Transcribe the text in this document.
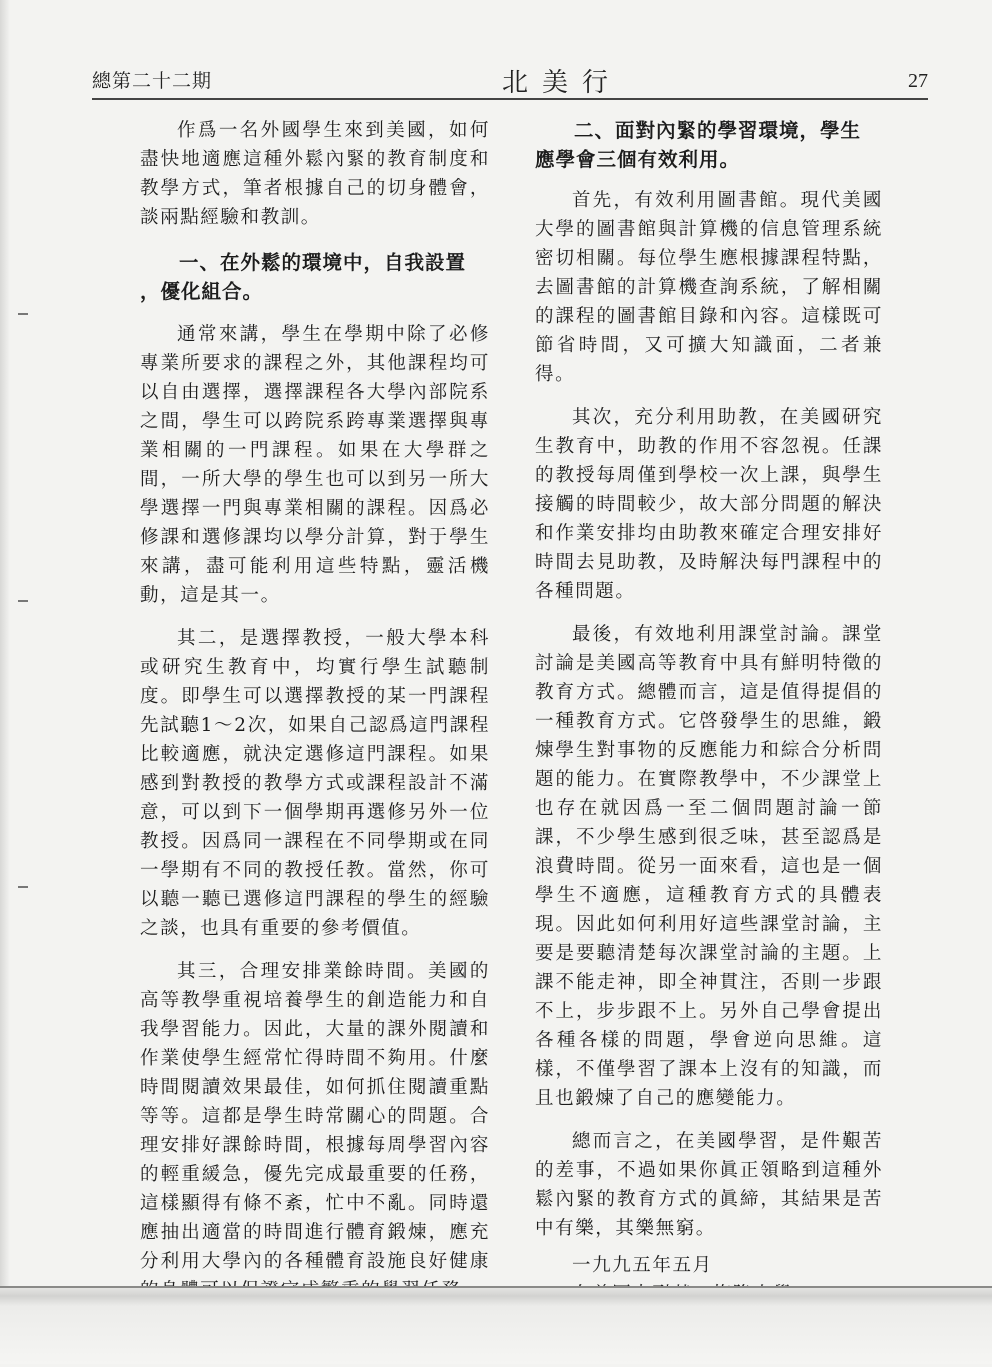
總第二十二期	北美行	27

作爲一名外國學生來到美國，如何盡快地適應這種外鬆內緊的教育制度和教學方式，筆者根據自己的切身體會，談兩點經驗和教訓。

一、在外鬆的環境中，自我設置
，優化組合。

通常來講，學生在學期中除了必修專業所要求的課程之外，其他課程均可以自由選擇，選擇課程各大學內部院系之間，學生可以跨院系跨專業選擇與專業相關的一門課程。如果在大學群之間，一所大學的學生也可以到另一所大學選擇一門與專業相關的課程。因爲必修課和選修課均以學分計算，對于學生來講，盡可能利用這些特點，靈活機動，這是其一。

其二，是選擇教授，一般大學本科或研究生教育中，均實行學生試聽制度。即學生可以選擇教授的某一門課程先試聽1～2次，如果自己認爲這門課程比較適應，就決定選修這門課程。如果感到對教授的教學方式或課程設計不滿意，可以到下一個學期再選修另外一位教授。因爲同一課程在不同學期或在同一學期有不同的教授任教。當然，你可以聽一聽已選修這門課程的學生的經驗之談，也具有重要的參考價值。

其三，合理安排業餘時間。美國的高等教學重視培養學生的創造能力和自我學習能力。因此，大量的課外閱讀和作業使學生經常忙得時間不夠用。什麼時間閱讀效果最佳，如何抓住閱讀重點等等。這都是學生時常關心的問題。合理安排好課餘時間，根據每周學習內容的輕重緩急，優先完成最重要的任務，這樣顯得有條不紊，忙中不亂。同時還應抽出適當的時間進行體育鍛煉，應充分利用大學內的各種體育設施良好健康

二、面對內緊的學習環境，學生
應學會三個有效利用。

首先，有效利用圖書館。現代美國大學的圖書館與計算機的信息管理系統密切相關。每位學生應根據課程特點，去圖書館的計算機查詢系統，了解相關的課程的圖書館目錄和內容。這樣既可節省時間，又可擴大知識面，二者兼得。

其次，充分利用助教，在美國研究生教育中，助教的作用不容忽視。任課的教授每周僅到學校一次上課，與學生接觸的時間較少，故大部分問題的解決和作業安排均由助教來確定合理安排好時間去見助教，及時解決每門課程中的各種問題。

最後，有效地利用課堂討論。課堂討論是美國高等教育中具有鮮明特徵的教育方式。總體而言，這是值得提倡的一種教育方式。它啓發學生的思維，鍛煉學生對事物的反應能力和綜合分析問題的能力。在實際教學中，不少課堂上也存在就因爲一至二個問題討論一節課，不少學生感到很乏味，甚至認爲是浪費時間。從另一面來看，這也是一個學生不適應，這種教育方式的具體表現。因此如何利用好這些課堂討論，主要是要聽清楚每次課堂討論的主題。上課不能走神，即全神貫注，否則一步跟不上，步步跟不上。另外自己學會提出各種各樣的問題，學會逆向思維。這樣，不僅學習了課本上沒有的知識，而且也鍛煉了自己的應變能力。

總而言之，在美國學習，是件艱苦的差事，不過如果你眞正領略到這種外鬆內緊的教育方式的眞締，其結果是苦中有樂，其樂無窮。

一九九五年五月
